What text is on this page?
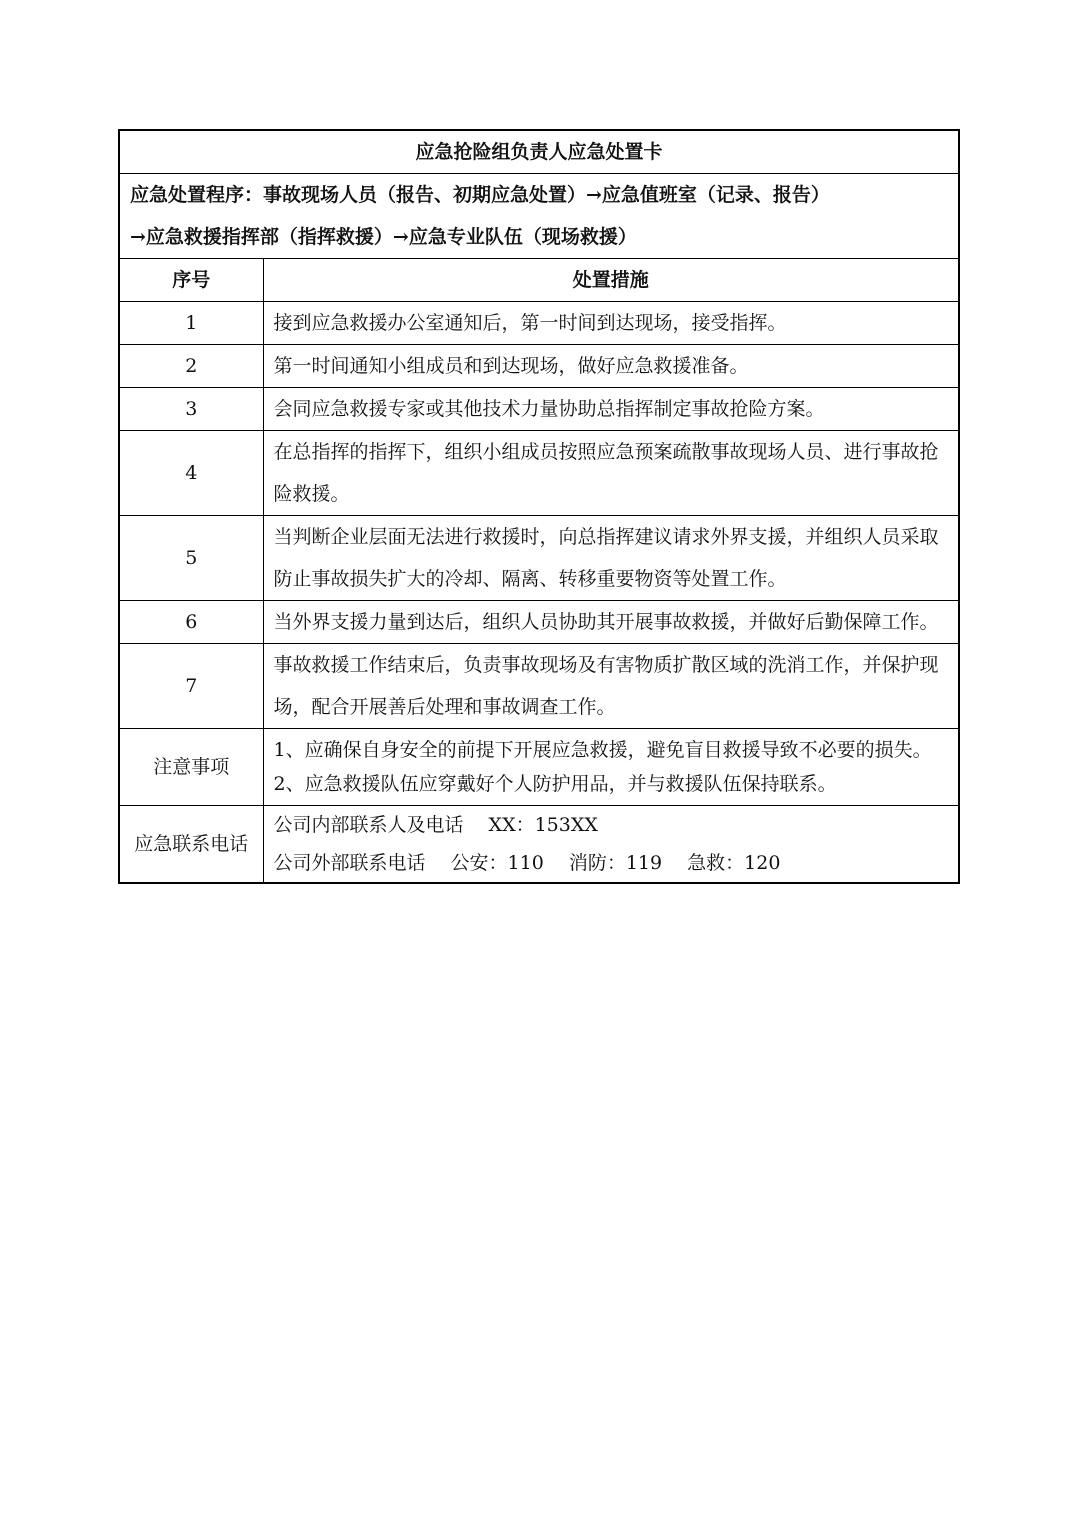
应急抢险组负责人应急处置卡	

应急处置程序：事故现场人员（报告、初期应急处置）→应急值班室（记录、报告）
→应急救援指挥部（指挥救援）→应急专业队伍（现场救援）	

序号	处置措施
1	接到应急救援办公室通知后，第一时间到达现场，接受指挥。
2	第一时间通知小组成员和到达现场，做好应急救援准备。
3	会同应急救援专家或其他技术力量协助总指挥制定事故抢险方案。
4	在总指挥的指挥下，组织小组成员按照应急预案疏散事故现场人员、进行事故抢险救援。
5	当判断企业层面无法进行救援时，向总指挥建议请求外界支援，并组织人员采取防止事故损失扩大的冷却、隔离、转移重要物资等处置工作。
6	当外界支援力量到达后，组织人员协助其开展事故救援，并做好后勤保障工作。
7	事故救援工作结束后，负责事故现场及有害物质扩散区域的洗消工作，并保护现场，配合开展善后处理和事故调查工作。
注意事项	1、应确保自身安全的前提下开展应急救援，避免盲目救援导致不必要的损失。
2、应急救援队伍应穿戴好个人防护用品，并与救援队伍保持联系。

应急联系电话	公司内部联系人及电话　 XX：153XX
公司外部联系电话　 公安：110　 消防：119　 急救：120
